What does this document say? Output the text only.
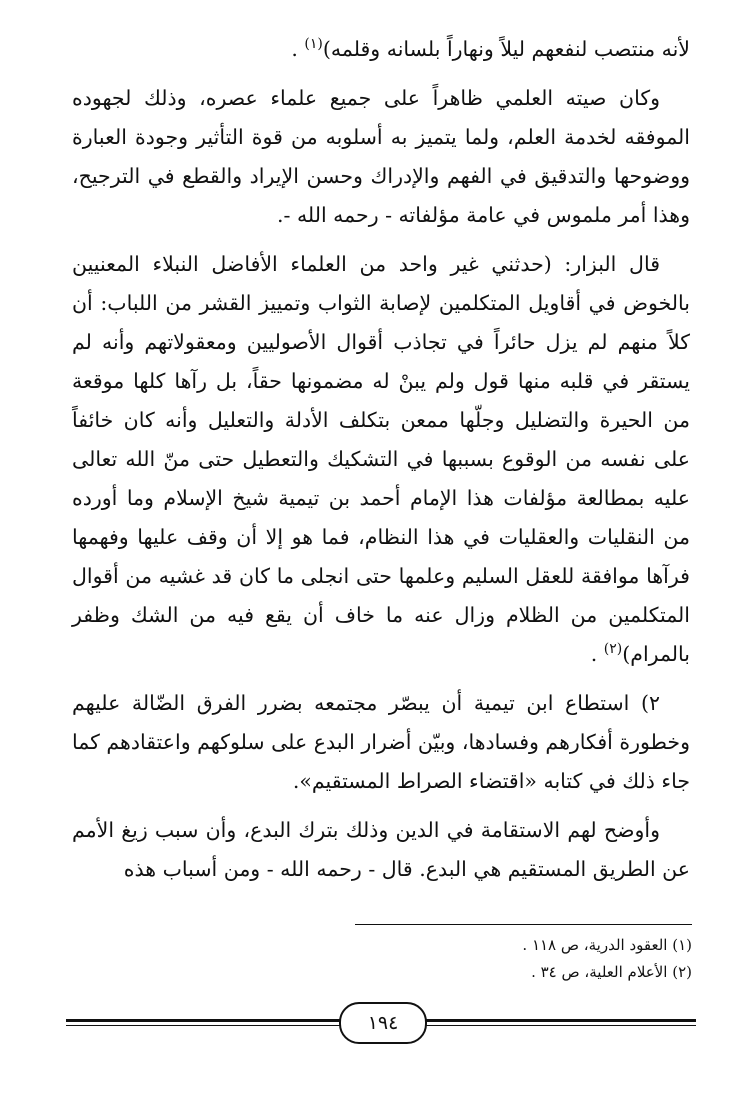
لأنه منتصب لنفعهم ليلاً ونهاراً بلسانه وقلمه)$^{(١)}$ .

وكان صيته العلمي ظاهراً على جميع علماء عصره، وذلك لجهوده الموفقه لخدمة العلم، ولما يتميز به أسلوبه من قوة التأثير وجودة العبارة ووضوحها والتدقيق في الفهم والإدراك وحسن الإيراد والقطع في الترجيح، وهذا أمر ملموس في عامة مؤلفاته - رحمه الله -.

قال البزار: (حدثني غير واحد من العلماء الأفاضل النبلاء المعنيين بالخوض في أقاويل المتكلمين لإصابة الثواب وتمييز القشر من اللباب: أن كلاً منهم لم يزل حائراً في تجاذب أقوال الأصوليين ومعقولاتهم وأنه لم يستقر في قلبه منها قول ولم يبنْ له مضمونها حقاً، بل رآها كلها موقعة من الحيرة والتضليل وجلّها ممعن بتكلف الأدلة والتعليل وأنه كان خائفاً على نفسه من الوقوع بسببها في التشكيك والتعطيل حتى منّ الله تعالى عليه بمطالعة مؤلفات هذا الإمام أحمد بن تيمية شيخ الإسلام وما أورده من النقليات والعقليات في هذا النظام، فما هو إلا أن وقف عليها وفهمها فرآها موافقة للعقل السليم وعلمها حتى انجلى ما كان قد غشيه من أقوال المتكلمين من الظلام وزال عنه ما خاف أن يقع فيه من الشك وظفر بالمرام)$^{(٢)}$ .

٢) استطاع ابن تيمية أن يبصّر مجتمعه بضرر الفرق الضّالة عليهم وخطورة أفكارهم وفسادها، وبيّن أضرار البدع على سلوكهم واعتقادهم كما جاء ذلك في كتابه «اقتضاء الصراط المستقيم».

وأوضح لهم الاستقامة في الدين وذلك بترك البدع، وأن سبب زيغ الأمم عن الطريق المستقيم هي البدع. قال - رحمه الله - ومن أسباب هذه

(١) العقود الدرية، ص ١١٨ .

(٢) الأعلام العلية، ص ٣٤ .

١٩٤
